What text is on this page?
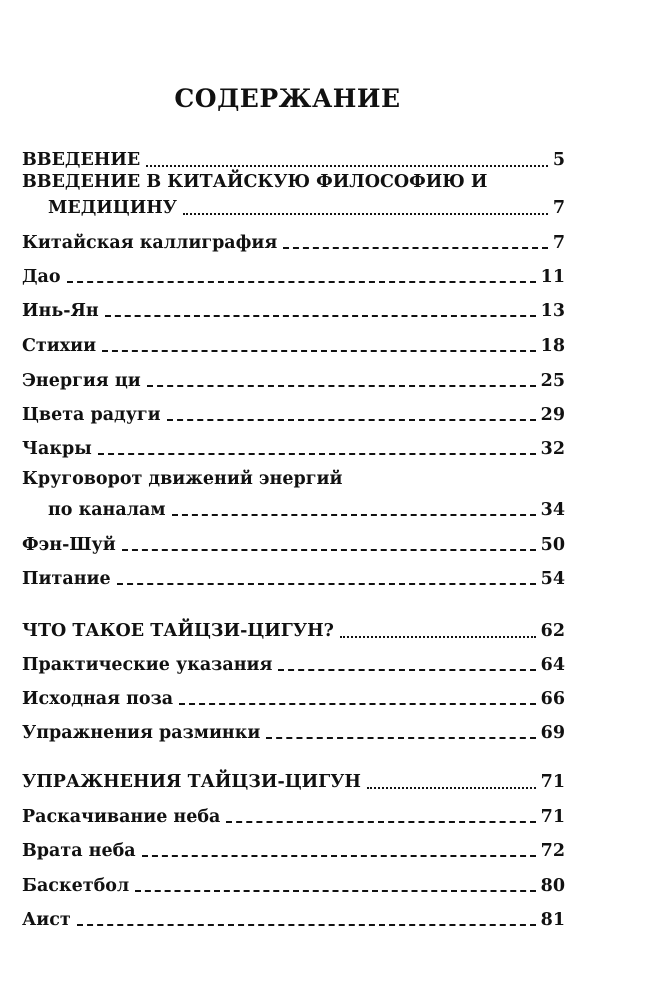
СОДЕРЖАНИЕ
ВВЕДЕНИЕ	5
ВВЕДЕНИЕ В КИТАЙСКУЮ ФИЛОСОФИЮ И
МЕДИЦИНУ	7
Китайская каллиграфия	7
Дао	11
Инь-Ян	13
Стихии	18
Энергия ци	25
Цвета радуги	29
Чакры	32
Круговорот движений энергий
по каналам	34
Фэн-Шуй	50
Питание	54
ЧТО ТАКОЕ ТАЙЦЗИ-ЦИГУН?	62
Практические указания	64
Исходная поза	66
Упражнения разминки	69
УПРАЖНЕНИЯ ТАЙЦЗИ-ЦИГУН	71
Раскачивание неба	71
Врата неба	72
Баскетбол	80
Аист	81
